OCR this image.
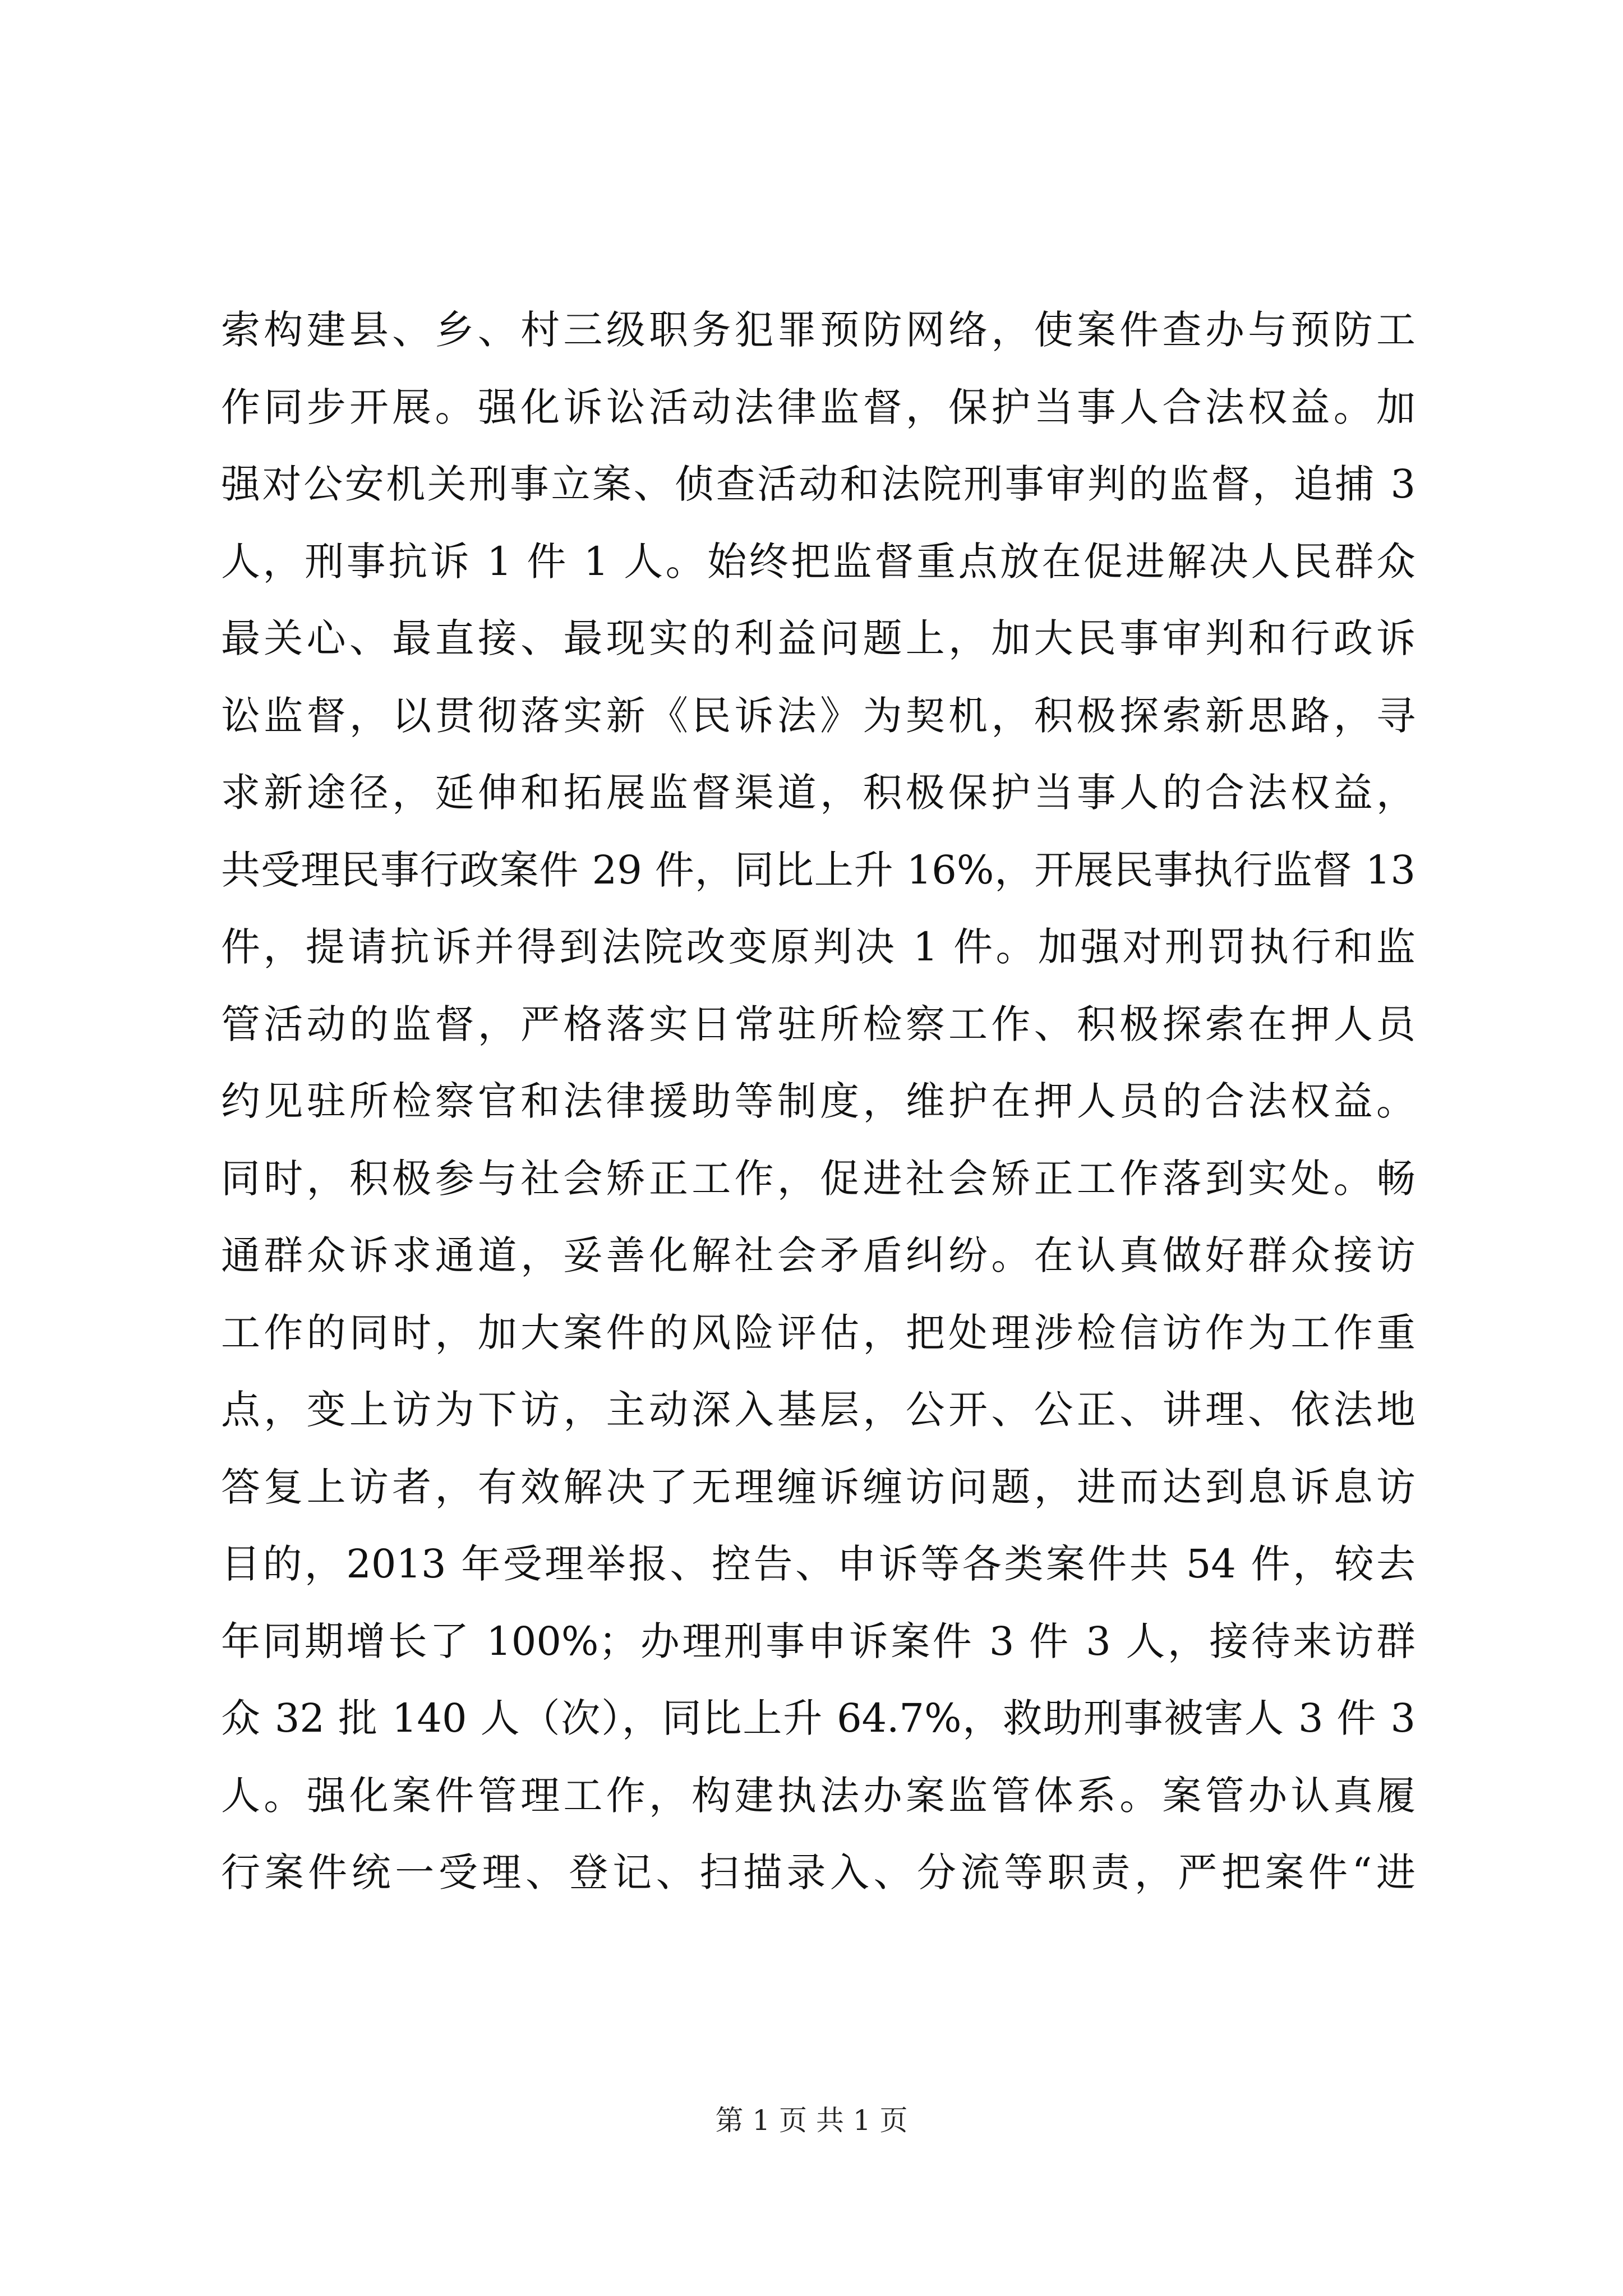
索构建县、乡、村三级职务犯罪预防网络，使案件查办与预防工
作同步开展。强化诉讼活动法律监督，保护当事人合法权益。加
强对公安机关刑事立案、侦查活动和法院刑事审判的监督，追捕 3
人，刑事抗诉 1 件 1 人。始终把监督重点放在促进解决人民群众
最关心、最直接、最现实的利益问题上，加大民事审判和行政诉
讼监督，以贯彻落实新《民诉法》为契机，积极探索新思路，寻
求新途径，延伸和拓展监督渠道，积极保护当事人的合法权益，
共受理民事行政案件 29 件，同比上升 16%，开展民事执行监督 13
件，提请抗诉并得到法院改变原判决 1 件。加强对刑罚执行和监
管活动的监督，严格落实日常驻所检察工作、积极探索在押人员
约见驻所检察官和法律援助等制度，维护在押人员的合法权益。
同时，积极参与社会矫正工作，促进社会矫正工作落到实处。畅
通群众诉求通道，妥善化解社会矛盾纠纷。在认真做好群众接访
工作的同时，加大案件的风险评估，把处理涉检信访作为工作重
点，变上访为下访，主动深入基层，公开、公正、讲理、依法地
答复上访者，有效解决了无理缠诉缠访问题，进而达到息诉息访
目的，2013 年受理举报、控告、申诉等各类案件共 54 件，较去
年同期增长了 100%；办理刑事申诉案件 3 件 3 人，接待来访群
众 32 批 140 人（次），同比上升 64.7%，救助刑事被害人 3 件 3
人。强化案件管理工作，构建执法办案监管体系。案管办认真履
行案件统一受理、登记、扫描录入、分流等职责，严把案件“进
第 1 页 共 1 页
